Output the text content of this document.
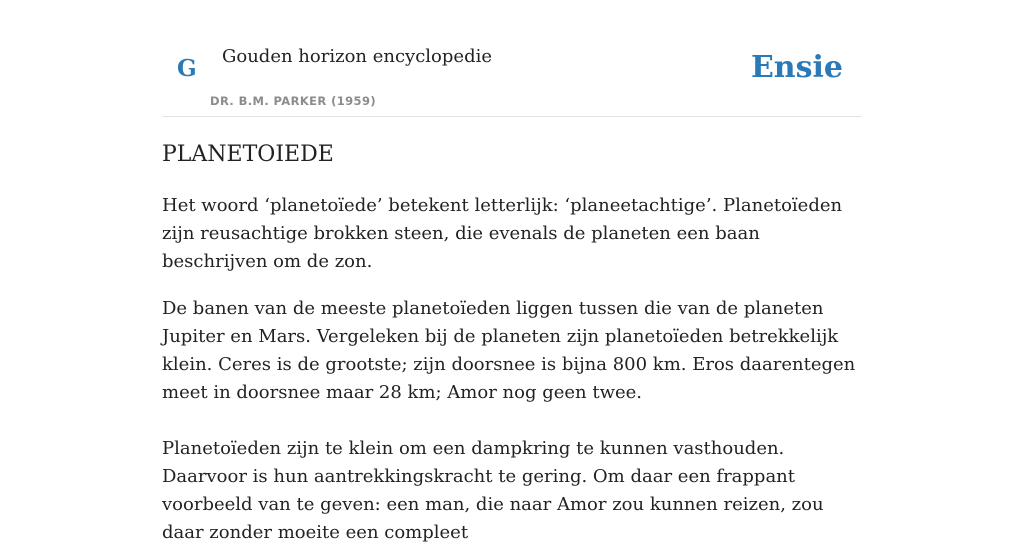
G Gouden horizon encyclopedie
DR. B.M. PARKER (1959)
Ensie
PLANETOIEDE

Het woord ‘planetoïede’ betekent letterlijk: ‘planeetachtige’. Planetoïeden zijn reusachtige brokken steen, die evenals de planeten een baan beschrijven om de zon.

De banen van de meeste planetoïeden liggen tussen die van de planeten Jupiter en Mars. Vergeleken bij de planeten zijn planetoïeden betrekkelijk klein. Ceres is de grootste; zijn doorsnee is bijna 800 km. Eros daarentegen meet in doorsnee maar 28 km; Amor nog geen twee.

Planetoïeden zijn te klein om een dampkring te kunnen vasthouden. Daarvoor is hun aantrekkingskracht te gering. Om daar een frappant voorbeeld van te geven: een man, die naar Amor zou kunnen reizen, zou daar zonder moeite een compleet
